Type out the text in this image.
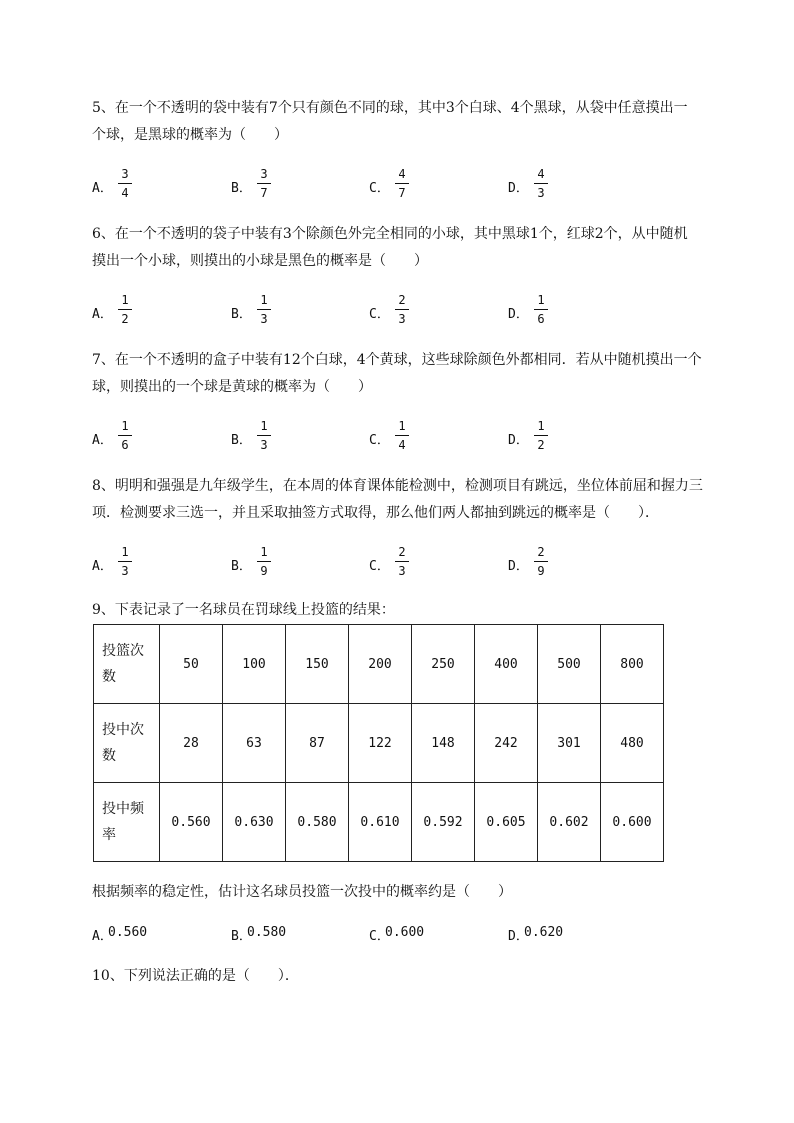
5、在一个不透明的袋中装有7个只有颜色不同的球，其中3个白球、4个黑球，从袋中任意摸出一
个球，是黑球的概率为（　　）
A．
3
4	B．
3
7	C．
4
7	D．
4
3
6、在一个不透明的袋子中装有3个除颜色外完全相同的小球，其中黑球1个，红球2个，从中随机
摸出一个小球，则摸出的小球是黑色的概率是（　　）
A．
1
2	B．
1
3	C．
2
3	D．
1
6
7、在一个不透明的盒子中装有12个白球，4个黄球，这些球除颜色外都相同．若从中随机摸出一个
球，则摸出的一个球是黄球的概率为（　　）
A．
1
6	B．
1
3	C．
1
4	D．
1
2
8、明明和强强是九年级学生，在本周的体育课体能检测中，检测项目有跳远，坐位体前屈和握力三
项．检测要求三选一，并且采取抽签方式取得，那么他们两人都抽到跳远的概率是（　　）．
A．
1
3	B．
1
9	C．
2
3	D．
2
9
9、下表记录了一名球员在罚球线上投篮的结果：
投篮次
数	50	100	150	200	250	400	500	800
投中次
数	28	63	87	122	148	242	301	480
投中频
率	0.560	0.630	0.580	0.610	0.592	0.605	0.602	0.600
根据频率的稳定性，估计这名球员投篮一次投中的概率约是（　　）
A．
0.560	B．
0.580	C．
0.600	D．
0.620
10、下列说法正确的是（　　）．
